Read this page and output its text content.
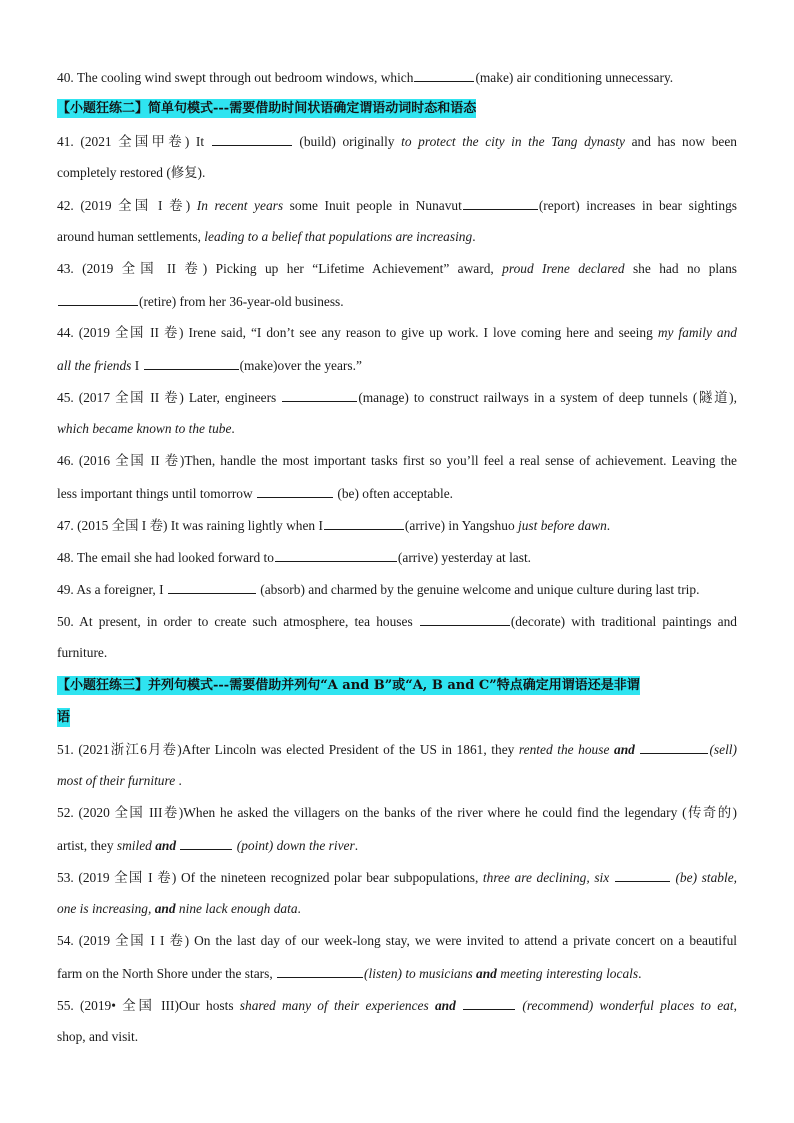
40. The cooling wind swept through out bedroom windows, which	(make) air conditioning unnecessary.
【小题狂练二】简单句模式---需要借助时间状语确定谓语动词时态和语态
41. (2021 全国甲卷) It	(build) originally to protect the city in the Tang dynasty and has now been
completely restored (修复).
42. (2019 全国 I 卷) In recent years some Inuit people in Nunavut	(report) increases in bear sightings
around human settlements, leading to a belief that populations are increasing.
43. (2019 全国 II 卷) Picking up her “Lifetime Achievement” award, proud Irene declared she had no plans
(retire) from her 36-year-old business.
44. (2019 全国 II 卷) Irene said, “I don’t see any reason to give up work. I love coming here and seeing my family and
all the friends I	(make)over the years.”
45. (2017 全国 II 卷) Later, engineers	(manage) to construct railways in a system of deep tunnels (隧道),
which became known to the tube.
46. (2016 全国 II 卷)Then, handle the most important tasks first so you’ll feel a real sense of achievement. Leaving the
less important things until tomorrow	(be) often acceptable.
47. (2015 全国 I 卷) It was raining lightly when I	(arrive) in Yangshuo just before dawn.
48. The email she had looked forward to	(arrive) yesterday at last.
49. As a foreigner, I	(absorb) and charmed by the genuine welcome and unique culture during last trip.
50. At present, in order to create such atmosphere, tea houses	(decorate) with traditional paintings and
furniture.
【小题狂练三】并列句模式---需要借助并列句“A and B”或“A, B and C”特点确定用谓语还是非谓
语
51. (2021浙江6月卷)After Lincoln was elected President of the US in 1861, they rented the house and	(sell)
most of their furniture .
52. (2020 全国 III卷)When he asked the villagers on the banks of the river where he could find the legendary (传奇的)
artist, they smiled and	(point) down the river.
53. (2019 全国 I 卷) Of the nineteen recognized polar bear subpopulations, three are declining, six	(be) stable,
one is increasing, and nine lack enough data.
54. (2019 全国 I I 卷) On the last day of our week-long stay, we were invited to attend a private concert on a beautiful
farm on the North Shore under the stars,	(listen) to musicians and meeting interesting locals.
55. (2019• 全国 III)Our hosts shared many of their experiences and	(recommend) wonderful places to eat,
shop, and visit.
